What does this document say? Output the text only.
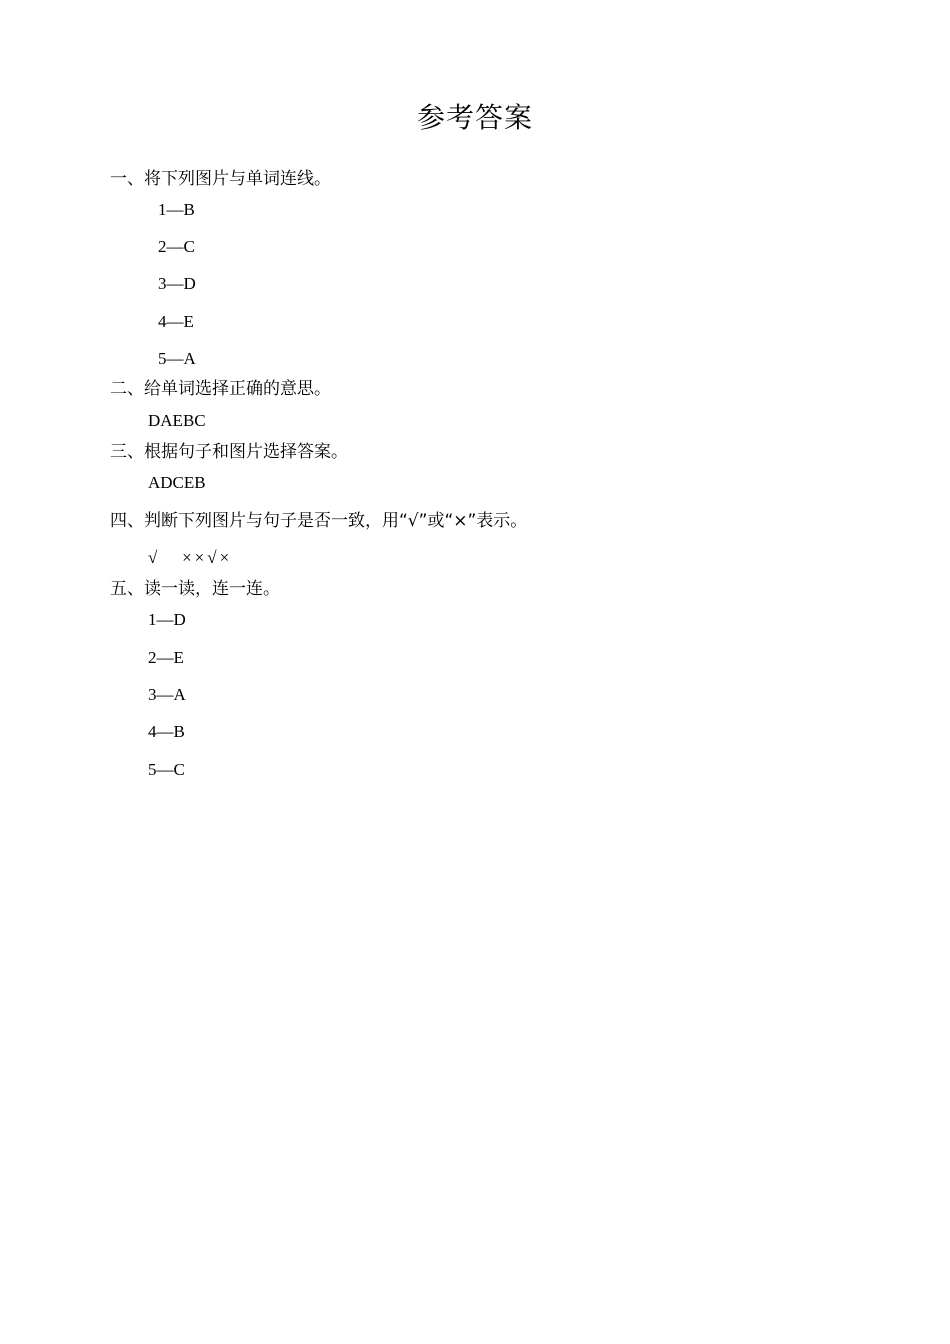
参考答案
一、将下列图片与单词连线。
1—B
2—C
3—D
4—E
5—A
二、给单词选择正确的意思。
DAEBC
三、根据句子和图片选择答案。
ADCEB
四、判断下列图片与句子是否一致，用“√”或“×”表示。
√   ××√×
五、读一读，连一连。
1—D
2—E
3—A
4—B
5—C
